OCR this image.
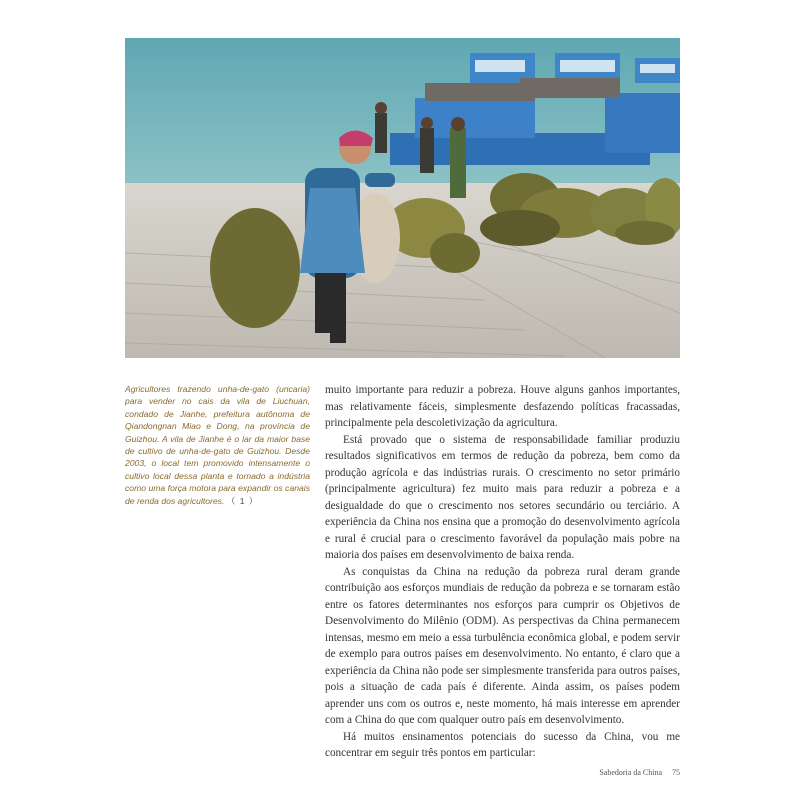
Agricultores trazendo unha-de-gato (uncaria) para vender no cais da vila de Liuchuan, condado de Jianhe, prefeitura autônoma de Qiandongnan Miao e Dong, na província de Guizhou. A vila de Jianhe é o lar da maior base de cultivo de unha-de-gato de Guizhou. Desde 2003, o local tem promovido intensamente o cultivo local dessa planta e tornado a indústria como uma força motora para expandir os canais de renda dos agricultores. （ 1 ）

muito importante para reduzir a pobreza. Houve alguns ganhos importantes, mas relativamente fáceis, simplesmente desfazendo políticas fracassadas, principalmente pela descoletivização da agricultura.

Está provado que o sistema de responsabilidade familiar produziu resultados significativos em termos de redução da pobreza, bem como da produção agrícola e das indústrias rurais. O crescimento no setor primário (principalmente agricultura) fez muito mais para reduzir a pobreza e a desigualdade do que o crescimento nos setores secundário ou terciário. A experiência da China nos ensina que a promoção do desenvolvimento agrícola e rural é crucial para o crescimento favorável da população mais pobre na maioria dos países em desenvolvimento de baixa renda.

As conquistas da China na redução da pobreza rural deram grande contribuição aos esforços mundiais de redução da pobreza e se tornaram estão entre os fatores determinantes nos esforços para cumprir os Objetivos de Desenvolvimento do Milênio (ODM). As perspectivas da China permanecem intensas, mesmo em meio a essa turbulência econômica global, e podem servir de exemplo para outros países em desenvolvimento. No entanto, é claro que a experiência da China não pode ser simplesmente transferida para outros países, pois a situação de cada país é diferente. Ainda assim, os países podem aprender uns com os outros e, neste momento, há mais interesse em aprender com a China do que com qualquer outro país em desenvolvimento.

Há muitos ensinamentos potenciais do sucesso da China, vou me concentrar em seguir três pontos em particular:

Sabedoria da China 75
